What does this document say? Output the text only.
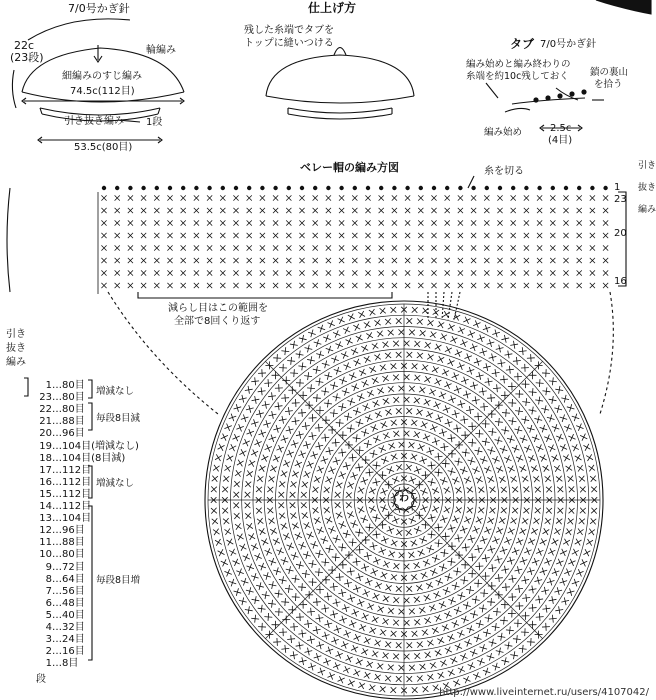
7/0号かぎ針
22c
(23段)
輪編み
細編みのすじ編み
74.5c(112目)
引き抜き編み 1段
53.5c(80目)
仕上げ方
残した糸端でタブを
トップに縫いつける	タブ 7/0号かぎ針
編み始めと編み終わりの
糸端を約10c残しておく 鎖の裏山
を拾う
編み始め	2.5c
(4目)
ベレー帽の編み方図	糸を切る	引き
抜き
編み
1
23
20
16
減らし目はこの範囲を
全部で8回くり返す
わ
引き
抜き
編み
1…80目
23…80目
22…80目
21…88目
20…96目
19…104目(増減なし)
18…104目(8目減)
17…112目
16…112目
15…112目
14…112目
13…104目
12…96目
11…88目
10…80目
9…72目
8…64目
7…56目
6…48目
5…40目
4…32目
3…24目
2…16目
1…8目
段
増減なし
毎段8目減
増減なし
毎段8目増
http://www.liveinternet.ru/users/4107042/
